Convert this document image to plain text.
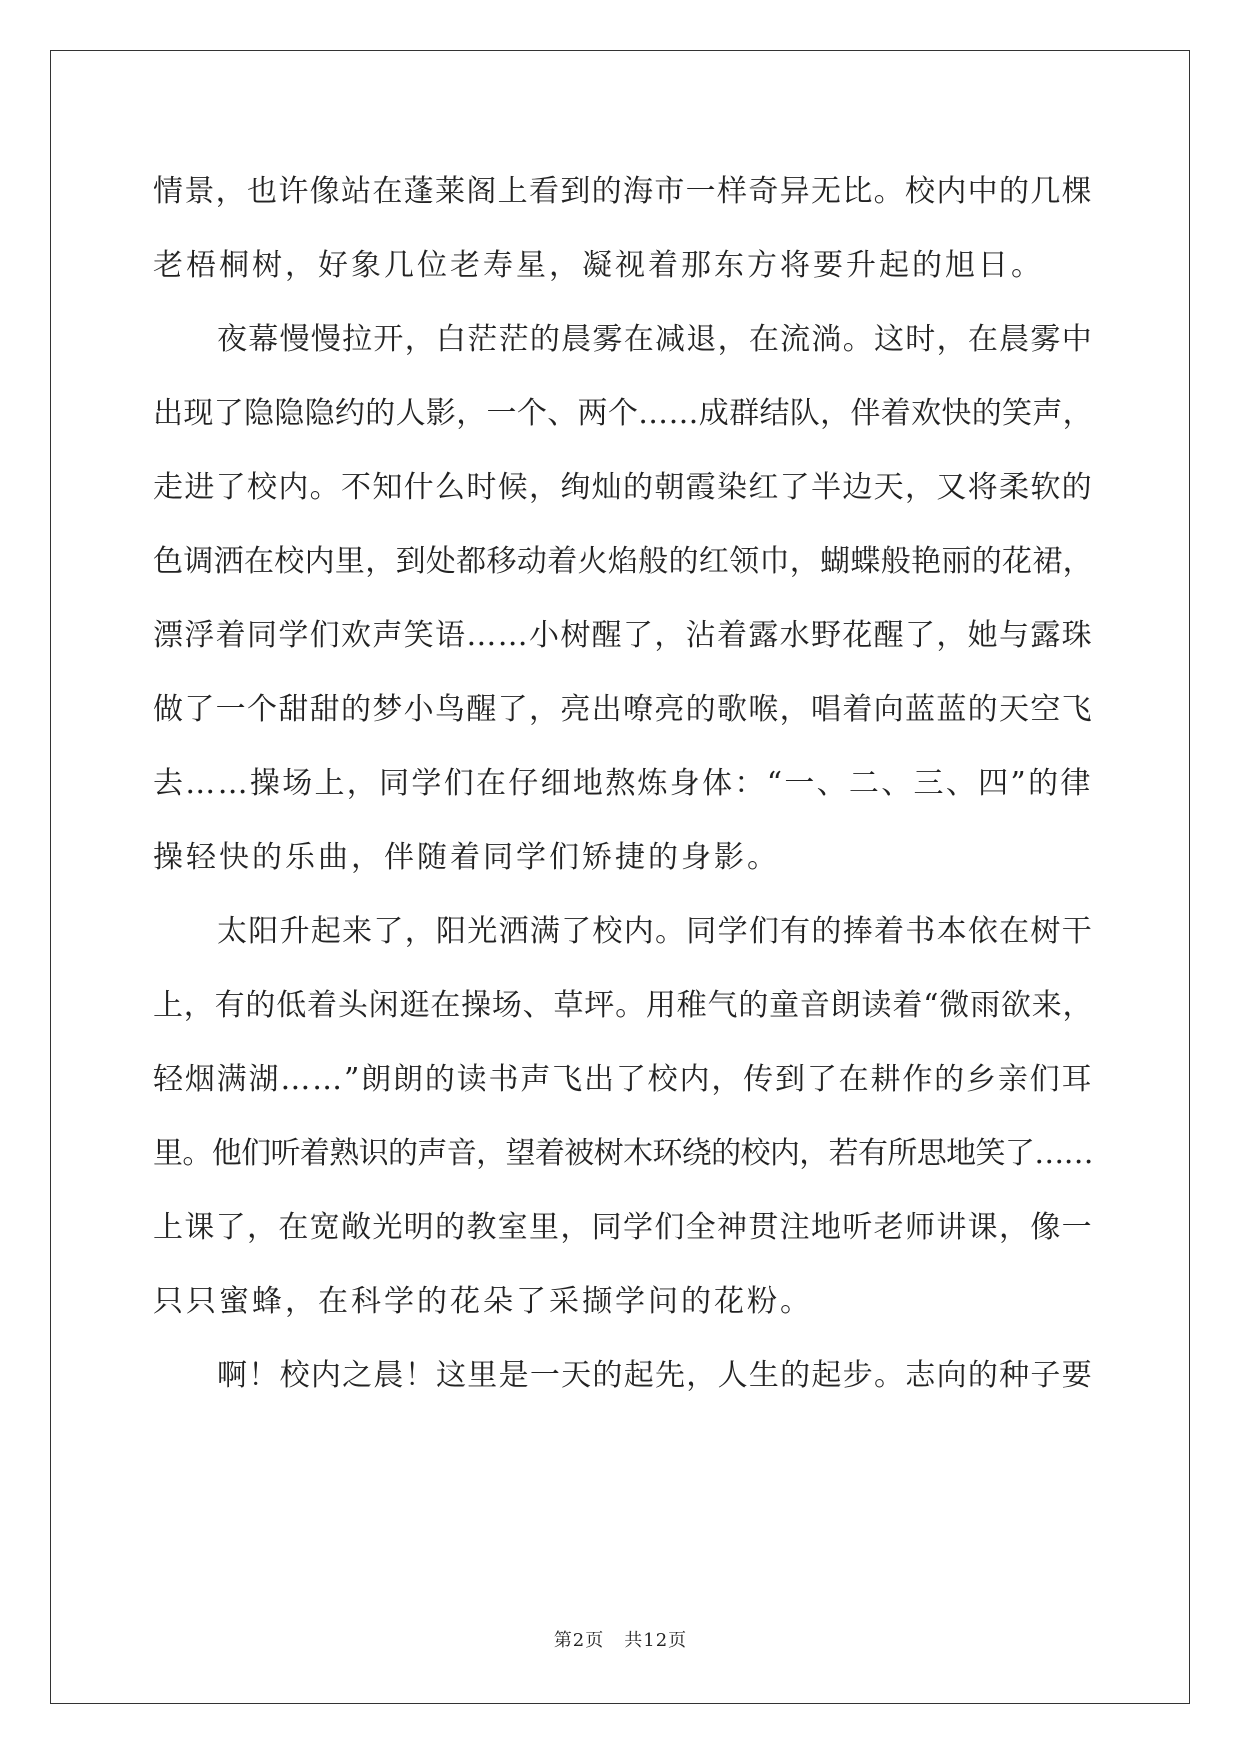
情景，也许像站在蓬莱阁上看到的海市一样奇异无比。校内中的几棵
老梧桐树，好象几位老寿星，凝视着那东方将要升起的旭日。
夜幕慢慢拉开，白茫茫的晨雾在减退，在流淌。这时，在晨雾中
出现了隐隐隐约的人影，一个、两个……成群结队，伴着欢快的笑声，
走进了校内。不知什么时候，绚灿的朝霞染红了半边天，又将柔软的
色调洒在校内里，到处都移动着火焰般的红领巾，蝴蝶般艳丽的花裙，
漂浮着同学们欢声笑语……小树醒了，沾着露水野花醒了，她与露珠
做了一个甜甜的梦小鸟醒了，亮出嘹亮的歌喉，唱着向蓝蓝的天空飞
去……操场上，同学们在仔细地熬炼身体：“一、二、三、四”的律
操轻快的乐曲，伴随着同学们矫捷的身影。
太阳升起来了，阳光洒满了校内。同学们有的捧着书本依在树干
上，有的低着头闲逛在操场、草坪。用稚气的童音朗读着“微雨欲来，
轻烟满湖……”朗朗的读书声飞出了校内，传到了在耕作的乡亲们耳
里。他们听着熟识的声音，望着被树木环绕的校内，若有所思地笑了……
上课了，在宽敞光明的教室里，同学们全神贯注地听老师讲课，像一
只只蜜蜂，在科学的花朵了采撷学问的花粉。
啊！校内之晨！这里是一天的起先，人生的起步。志向的种子要
第2页 共12页
